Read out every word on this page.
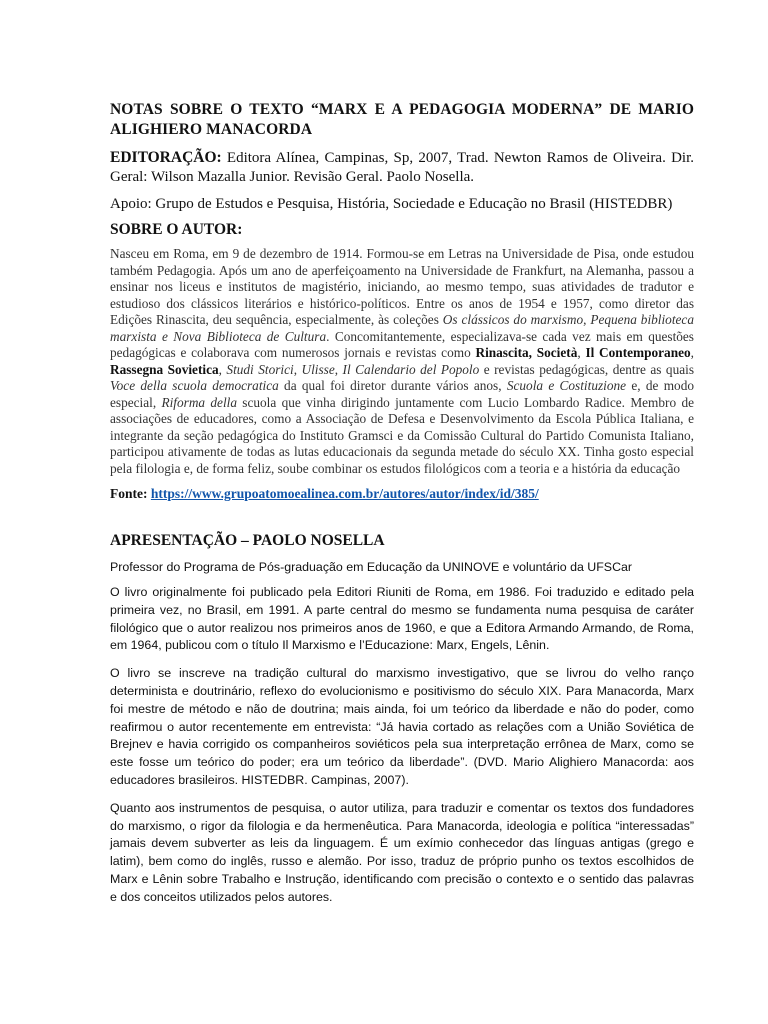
NOTAS SOBRE O TEXTO “MARX E A PEDAGOGIA MODERNA” DE MARIO ALIGHIERO MANACORDA

EDITORAÇÃO: Editora Alínea, Campinas, Sp, 2007, Trad. Newton Ramos de Oliveira. Dir. Geral: Wilson Mazalla Junior. Revisão Geral. Paolo Nosella.

Apoio: Grupo de Estudos e Pesquisa, História, Sociedade e Educação no Brasil (HISTEDBR)

SOBRE O AUTOR:

Nasceu em Roma, em 9 de dezembro de 1914. Formou-se em Letras na Universidade de Pisa, onde estudou também Pedagogia. Após um ano de aperfeiçoamento na Universidade de Frankfurt, na Alemanha, passou a ensinar nos liceus e institutos de magistério, iniciando, ao mesmo tempo, suas atividades de tradutor e estudioso dos clássicos literários e histórico-políticos. Entre os anos de 1954 e 1957, como diretor das Edições Rinascita, deu sequência, especialmente, às coleções Os clássicos do marxismo, Pequena biblioteca marxista e Nova Biblioteca de Cultura. Concomitantemente, especializava-se cada vez mais em questões pedagógicas e colaborava com numerosos jornais e revistas como Rinascita, Società, Il Contemporaneo, Rassegna Sovietica, Studi Storici, Ulisse, Il Calendario del Popolo e revistas pedagógicas, dentre as quais Voce della scuola democratica da qual foi diretor durante vários anos, Scuola e Costituzione e, de modo especial, Riforma della scuola que vinha dirigindo juntamente com Lucio Lombardo Radice. Membro de associações de educadores, como a Associação de Defesa e Desenvolvimento da Escola Pública Italiana, e integrante da seção pedagógica do Instituto Gramsci e da Comissão Cultural do Partido Comunista Italiano, participou ativamente de todas as lutas educacionais da segunda metade do século XX. Tinha gosto especial pela filologia e, de forma feliz, soube combinar os estudos filológicos com a teoria e a história da educação

Fonte: https://www.grupoatomoealinea.com.br/autores/autor/index/id/385/

APRESENTAÇÃO – PAOLO NOSELLA

Professor do Programa de Pós-graduação em Educação da UNINOVE e voluntário da UFSCar

O livro originalmente foi publicado pela Editori Riuniti de Roma, em 1986. Foi traduzido e editado pela primeira vez, no Brasil, em 1991. A parte central do mesmo se fundamenta numa pesquisa de caráter filológico que o autor realizou nos primeiros anos de 1960, e que a Editora Armando Armando, de Roma, em 1964, publicou com o título Il Marxismo e l’Educazione: Marx, Engels, Lênin.

O livro se inscreve na tradição cultural do marxismo investigativo, que se livrou do velho ranço determinista e doutrinário, reflexo do evolucionismo e positivismo do século XIX. Para Manacorda, Marx foi mestre de método e não de doutrina; mais ainda, foi um teórico da liberdade e não do poder, como reafirmou o autor recentemente em entrevista: “Já havia cortado as relações com a União Soviética de Brejnev e havia corrigido os companheiros soviéticos pela sua interpretação errônea de Marx, como se este fosse um teórico do poder; era um teórico da liberdade”. (DVD. Mario Alighiero Manacorda: aos educadores brasileiros. HISTEDBR. Campinas, 2007).

Quanto aos instrumentos de pesquisa, o autor utiliza, para traduzir e comentar os textos dos fundadores do marxismo, o rigor da filologia e da hermenêutica. Para Manacorda, ideologia e política “interessadas” jamais devem subverter as leis da linguagem. É um exímio conhecedor das línguas antigas (grego e latim), bem como do inglês, russo e alemão. Por isso, traduz de próprio punho os textos escolhidos de Marx e Lênin sobre Trabalho e Instrução, identificando com precisão o contexto e o sentido das palavras e dos conceitos utilizados pelos autores.
